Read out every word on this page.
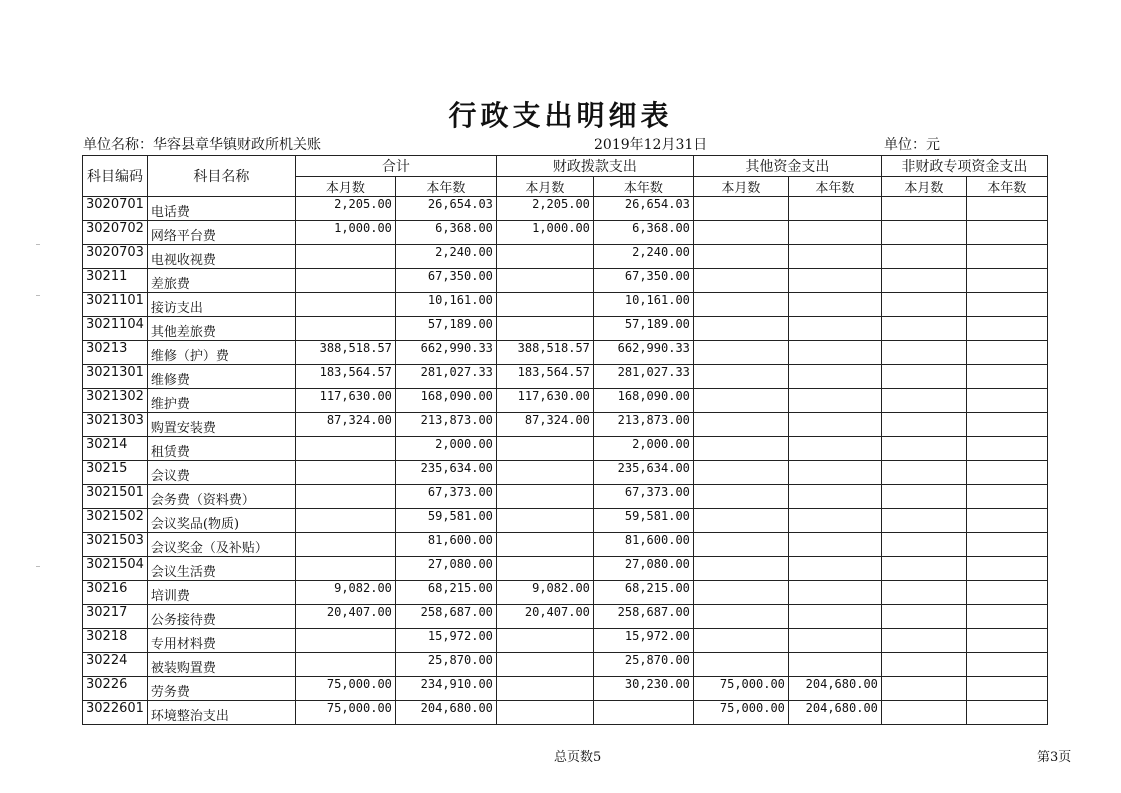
行政支出明细表
单位名称：华容县章华镇财政所机关账	2019年12月31日	单位：元
科目编码	科目名称	合计		财政拨款支出		其他资金支出		非财政专项资金支出	
		本月数	本年数	本月数	本年数	本月数	本年数	本月数	本年数
3020701	电话费	2,205.00	26,654.03	2,205.00	26,654.03				
3020702	网络平台费	1,000.00	6,368.00	1,000.00	6,368.00				
3020703	电视收视费		2,240.00		2,240.00				
30211	差旅费		67,350.00		67,350.00				
3021101	接访支出		10,161.00		10,161.00				
3021104	其他差旅费		57,189.00		57,189.00				
30213	维修（护）费	388,518.57	662,990.33	388,518.57	662,990.33				
3021301	维修费	183,564.57	281,027.33	183,564.57	281,027.33				
3021302	维护费	117,630.00	168,090.00	117,630.00	168,090.00				
3021303	购置安装费	87,324.00	213,873.00	87,324.00	213,873.00				
30214	租赁费		2,000.00		2,000.00				
30215	会议费		235,634.00		235,634.00				
3021501	会务费（资料费）		67,373.00		67,373.00				
3021502	会议奖品(物质)		59,581.00		59,581.00				
3021503	会议奖金（及补贴）		81,600.00		81,600.00				
3021504	会议生活费		27,080.00		27,080.00				
30216	培训费	9,082.00	68,215.00	9,082.00	68,215.00				
30217	公务接待费	20,407.00	258,687.00	20,407.00	258,687.00				
30218	专用材料费		15,972.00		15,972.00				
30224	被装购置费		25,870.00		25,870.00				
30226	劳务费	75,000.00	234,910.00		30,230.00	75,000.00	204,680.00		
3022601	环境整治支出	75,000.00	204,680.00			75,000.00	204,680.00		
总页数5	第3页
